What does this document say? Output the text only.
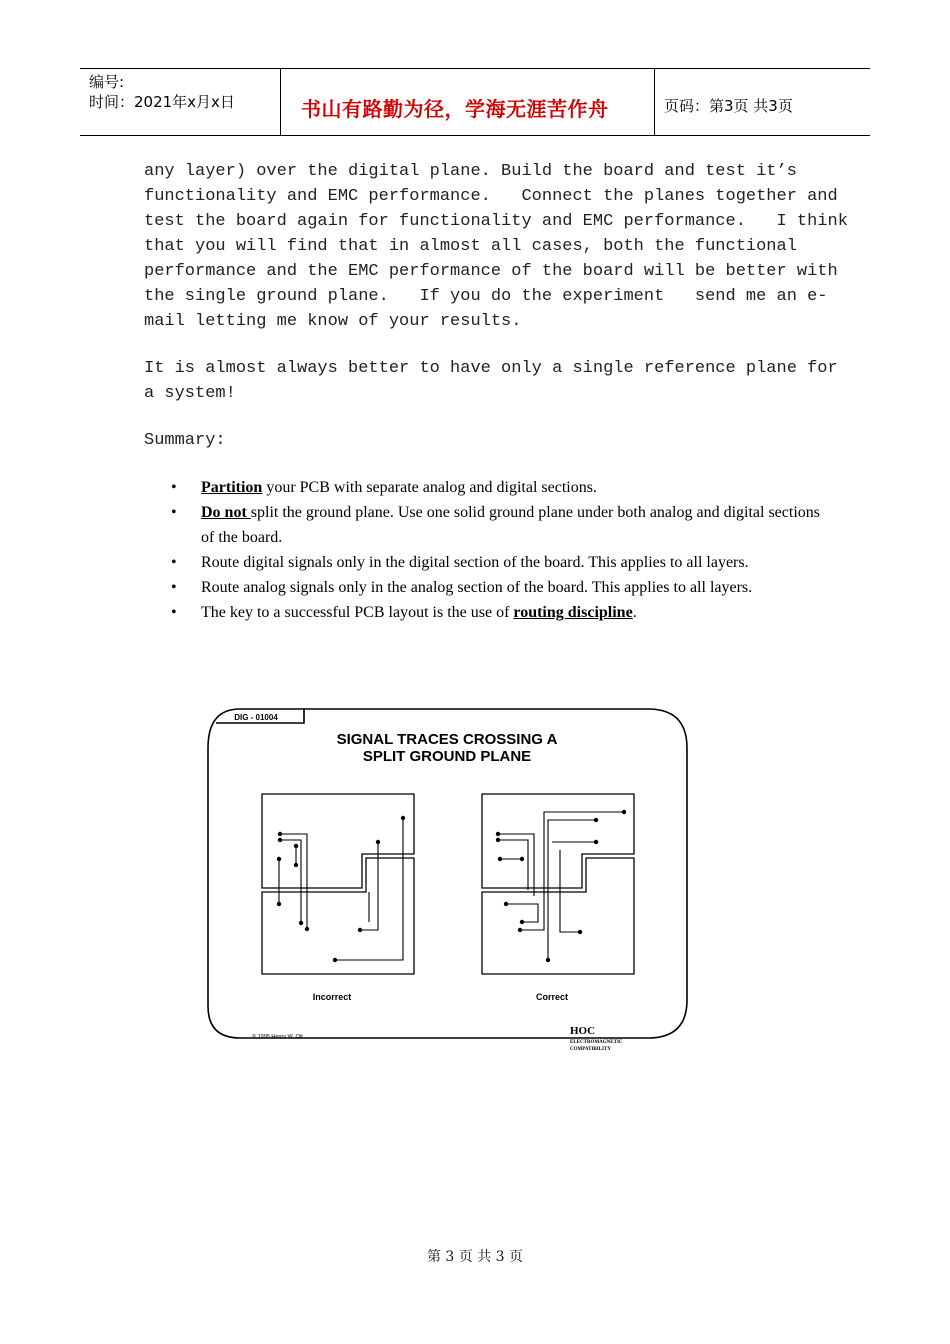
编号:
时间：2021年x月x日	书山有路勤为径，学海无涯苦作舟	页码：第3页 共3页
any layer) over the digital plane. Build the board and test it’s
functionality and EMC performance.   Connect the planes together and
test the board again for functionality and EMC performance.   I think
that you will find that in almost all cases, both the functional
performance and the EMC performance of the board will be better with
the single ground plane.   If you do the experiment   send me an e-
mail letting me know of your results.
It is almost always better to have only a single reference plane for
a system!
Summary:
• Partition your PCB with separate analog and digital sections.
• Do not split the ground plane. Use one solid ground plane under both analog and digital sections of the board.
• Route digital signals only in the digital section of the board. This applies to all layers.
• Route analog signals only in the analog section of the board. This applies to all layers.
• The key to a successful PCB layout is the use of routing discipline.
DIG - 01004
SIGNAL TRACES CROSSING A
SPLIT GROUND PLANE
Incorrect	Correct
© 1995 Henry W. Ott	HOC
ELECTROMAGNETIC
COMPATIBILITY
第 3 页 共 3 页
